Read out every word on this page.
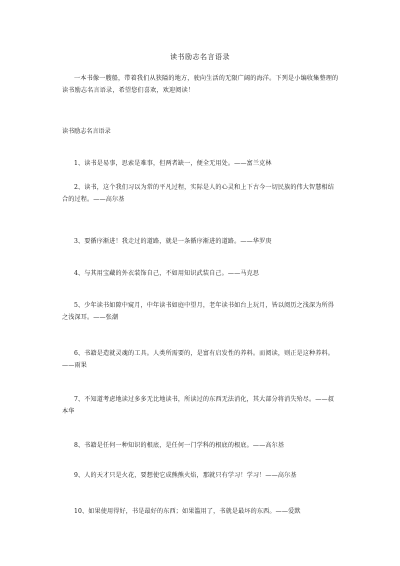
读书励志名言语录
一本书像一艘船，带着我们从狭隘的地方，驶向生活的无限广阔的海洋。下列是小编收集整理的读书励志名言语录，希望您们喜欢，欢迎阅读！
读书励志名言语录
1、读书是易事，思索是难事，但两者缺一，便全无用处。——富兰克林
2、读书，这个我们习以为常的平凡过程，实际是人的心灵和上下古今一切民族的伟大智慧相结合的过程。——高尔基
3、要循序渐进！我走过的道路，就是一条循序渐进的道路。——华罗庚
4、与其用宝藏的外衣装饰自己，不如用知识武装自己。——马克思
5、少年读书如隙中窥月，中年读书如庭中望月，老年读书如台上玩月，皆以阅历之浅深为所得之浅深耳。——张潮
6、书籍是造就灵魂的工具。人类所需要的，是富有启发性的养料。而阅读，则正是这种养料。——雨果
7、不知道考虑地读过多多无比地读书，所读过的东西无法消化，其大部分将消失殆尽。——叔本华
8、书籍是任何一种知识的根底，是任何一门学科的根底的根底。——高尔基
9、人的天才只是火花，要想使它成熊熊火焰，那就只有学习！学习！——高尔基
10、如果使用得好，书是最好的东西；如果滥用了，书就是最坏的东西。——爱默
